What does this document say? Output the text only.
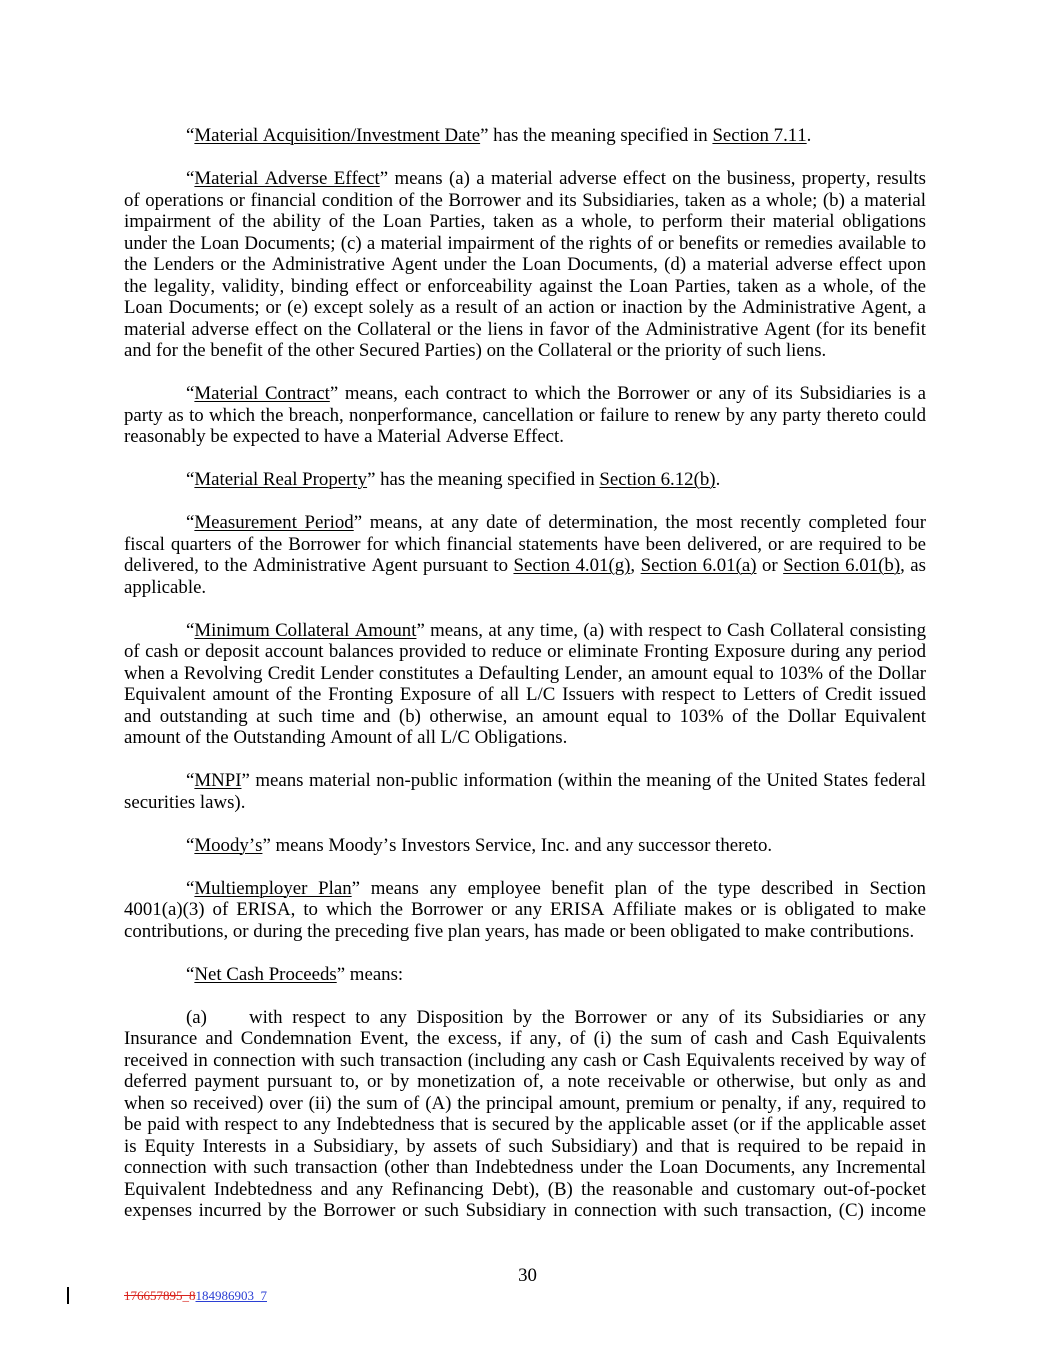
“Material Acquisition/Investment Date” has the meaning specified in Section 7.11.
“Material Adverse Effect” means (a) a material adverse effect on the business, property, results
of operations or financial condition of the Borrower and its Subsidiaries, taken as a whole; (b) a material
impairment of the ability of the Loan Parties, taken as a whole, to perform their material obligations
under the Loan Documents; (c) a material impairment of the rights of or benefits or remedies available to
the Lenders or the Administrative Agent under the Loan Documents, (d) a material adverse effect upon
the legality, validity, binding effect or enforceability against the Loan Parties, taken as a whole, of the
Loan Documents; or (e) except solely as a result of an action or inaction by the Administrative Agent, a
material adverse effect on the Collateral or the liens in favor of the Administrative Agent (for its benefit
and for the benefit of the other Secured Parties) on the Collateral or the priority of such liens.
“Material Contract” means, each contract to which the Borrower or any of its Subsidiaries is a
party as to which the breach, nonperformance, cancellation or failure to renew by any party thereto could
reasonably be expected to have a Material Adverse Effect.
“Material Real Property” has the meaning specified in Section 6.12(b).
“Measurement Period” means, at any date of determination, the most recently completed four
fiscal quarters of the Borrower for which financial statements have been delivered, or are required to be
delivered, to the Administrative Agent pursuant to Section 4.01(g), Section 6.01(a) or Section 6.01(b), as
applicable.
“Minimum Collateral Amount” means, at any time, (a) with respect to Cash Collateral consisting
of cash or deposit account balances provided to reduce or eliminate Fronting Exposure during any period
when a Revolving Credit Lender constitutes a Defaulting Lender, an amount equal to 103% of the Dollar
Equivalent amount of the Fronting Exposure of all L/C Issuers with respect to Letters of Credit issued
and outstanding at such time and (b) otherwise, an amount equal to 103% of the Dollar Equivalent
amount of the Outstanding Amount of all L/C Obligations.
“MNPI” means material non-public information (within the meaning of the United States federal
securities laws).
“Moody’s” means Moody’s Investors Service, Inc. and any successor thereto.
“Multiemployer Plan” means any employee benefit plan of the type described in Section
4001(a)(3) of ERISA, to which the Borrower or any ERISA Affiliate makes or is obligated to make
contributions, or during the preceding five plan years, has made or been obligated to make contributions.
“Net Cash Proceeds” means:
(a) with respect to any Disposition by the Borrower or any of its Subsidiaries or any
Insurance and Condemnation Event, the excess, if any, of (i) the sum of cash and Cash Equivalents
received in connection with such transaction (including any cash or Cash Equivalents received by way of
deferred payment pursuant to, or by monetization of, a note receivable or otherwise, but only as and
when so received) over (ii) the sum of (A) the principal amount, premium or penalty, if any, required to
be paid with respect to any Indebtedness that is secured by the applicable asset (or if the applicable asset
is Equity Interests in a Subsidiary, by assets of such Subsidiary) and that is required to be repaid in
connection with such transaction (other than Indebtedness under the Loan Documents, any Incremental
Equivalent Indebtedness and any Refinancing Debt), (B) the reasonable and customary out-of-pocket
expenses incurred by the Borrower or such Subsidiary in connection with such transaction, (C) income
30
176657895_8184986903_7
